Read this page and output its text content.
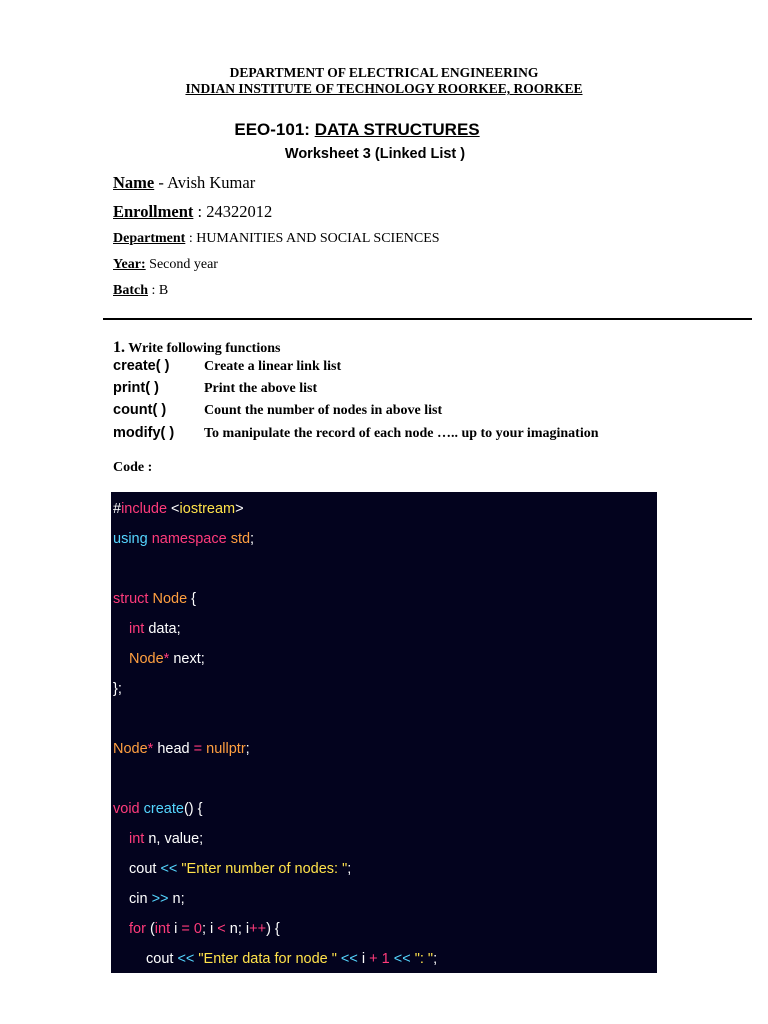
DEPARTMENT OF ELECTRICAL ENGINEERING
INDIAN INSTITUTE OF TECHNOLOGY ROORKEE, ROORKEE
EEO-101: DATA STRUCTURES
Worksheet 3 (Linked List )
Name - Avish Kumar
Enrollment : 24322012
Department : HUMANITIES AND SOCIAL SCIENCES
Year: Second year
Batch : B
1. Write following functions
create( ) Create a linear link list
print( )	Print the above list
count( )	Count the number of nodes in above list
modify( ) To manipulate the record of each node ….. up to your imagination
Code :
#include <iostream>
using namespace std;
struct Node {
int data;
Node* next;
};
Node* head = nullptr;
void create() {
int n, value;
cout << "Enter number of nodes: ";
cin >> n;
for (int i = 0; i < n; i++) {
cout << "Enter data for node " << i + 1 << ": ";
